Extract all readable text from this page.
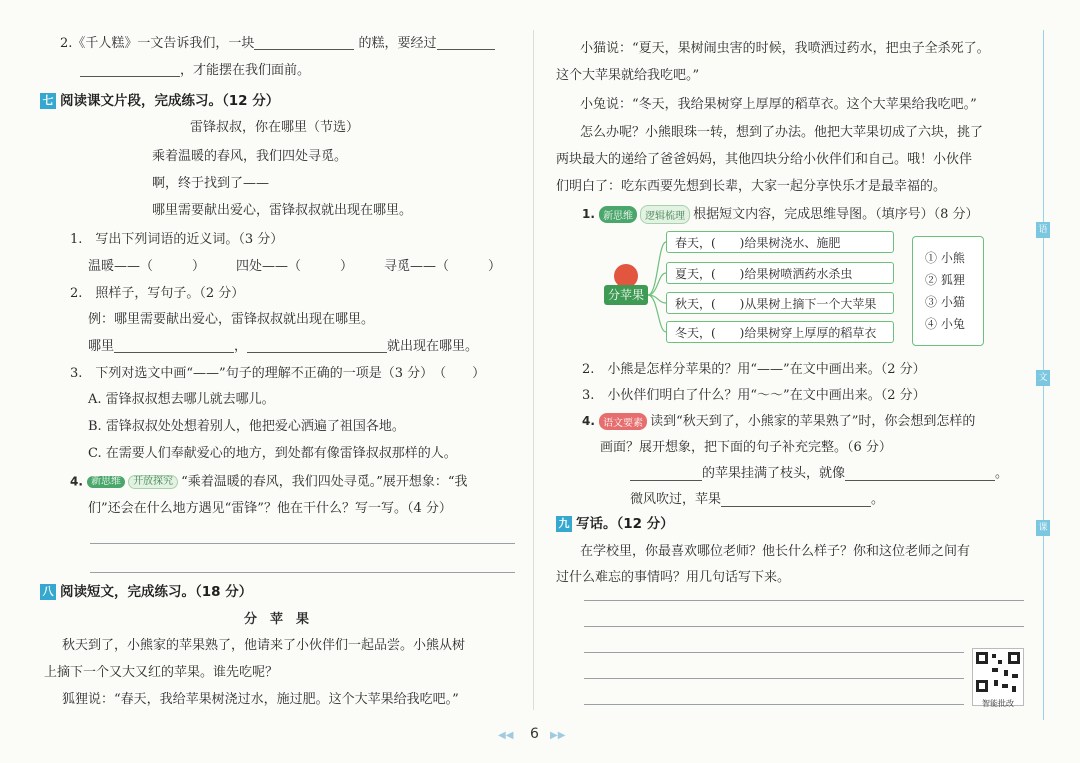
2.《千人糕》一文告诉我们，一块	的糕，要经过
，才能摆在我们面前。
七 阅读课文片段，完成练习。（12 分）
雷锋叔叔，你在哪里（节选）
乘着温暖的春风，我们四处寻觅。
啊，终于找到了——
哪里需要献出爱心，雷锋叔叔就出现在哪里。
1.　写出下列词语的近义词。（3 分）
温暖——（　　　） 四处——（　　　） 寻觅——（　　　）
2.　照样子，写句子。（2 分）
例：哪里需要献出爱心，雷锋叔叔就出现在哪里。
哪里	，	就出现在哪里。
3.　下列对选文中画“——”句子的理解不正确的一项是（3 分）　（　　）
A. 雷锋叔叔想去哪儿就去哪儿。
B. 雷锋叔叔处处想着别人，他把爱心洒遍了祖国各地。
C. 在需要人们奉献爱心的地方，到处都有像雷锋叔叔那样的人。
4. 新思维 开放探究 “乘着温暖的春风，我们四处寻觅。”展开想象：“我
们”还会在什么地方遇见“雷锋”？他在干什么？写一写。（4 分）
八 阅读短文，完成练习。（18 分）
分　苹　果
秋天到了，小熊家的苹果熟了，他请来了小伙伴们一起品尝。小熊从树
上摘下一个又大又红的苹果。谁先吃呢？
狐狸说：“春天，我给苹果树浇过水，施过肥。这个大苹果给我吃吧。”
小猫说：“夏天，果树闹虫害的时候，我喷洒过药水，把虫子全杀死了。
这个大苹果就给我吃吧。”
小兔说：“冬天，我给果树穿上厚厚的稻草衣。这个大苹果给我吃吧。”
怎么办呢？小熊眼珠一转，想到了办法。他把大苹果切成了六块，挑了
两块最大的递给了爸爸妈妈，其他四块分给小伙伴们和自己。哦！小伙伴
们明白了：吃东西要先想到长辈，大家一起分享快乐才是最幸福的。
1. 新思维 逻辑梳理 根据短文内容，完成思维导图。（填序号）（8 分）
分苹果
春天，(　　)给果树浇水、施肥
夏天，(　　)给果树喷洒药水杀虫
秋天，(　　)从果树上摘下一个大苹果
冬天，(　　)给果树穿上厚厚的稻草衣
① 小熊
② 狐狸
③ 小猫
④ 小兔
2.　小熊是怎样分苹果的？用“——”在文中画出来。（2 分）
3.　小伙伴们明白了什么？用“～～”在文中画出来。（2 分）
4. 语文要素 读到“秋天到了，小熊家的苹果熟了”时，你会想到怎样的
画面？展开想象，把下面的句子补充完整。（6 分）
的苹果挂满了枝头，就像	。
微风吹过，苹果	。
九 写话。（12 分）
在学校里，你最喜欢哪位老师？他长什么样子？你和这位老师之间有
过什么难忘的事情吗？用几句话写下来。
智能批改
语
文
课
◀◀ 6 ▶▶
